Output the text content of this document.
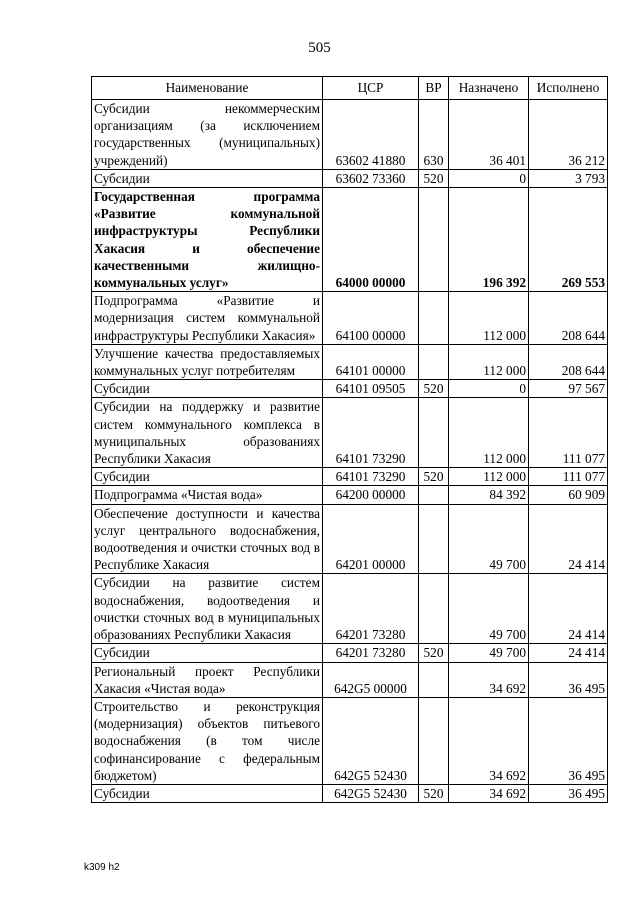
505
Наименование	ЦСР	ВР	Назначено	Исполнено
Субсидии некоммерческим организациям (за исключением государственных (муниципальных) учреждений)	63602 41880	630	36 401	36 212
Субсидии	63602 73360	520	0	3 793
Государственная программа «Развитие коммунальной инфраструктуры Республики Хакасия и обеспечение качественными жилищно-коммунальных услуг»	64000 00000		196 392	269 553
Подпрограмма «Развитие и модернизация систем коммунальной инфраструктуры Республики Хакасия»	64100 00000		112 000	208 644
Улучшение качества предоставляемых коммунальных услуг потребителям	64101 00000		112 000	208 644
Субсидии	64101 09505	520	0	97 567
Субсидии на поддержку и развитие систем коммунального комплекса в муниципальных образованиях Республики Хакасия	64101 73290		112 000	111 077
Субсидии	64101 73290	520	112 000	111 077
Подпрограмма «Чистая вода»	64200 00000		84 392	60 909
Обеспечение доступности и качества услуг центрального водоснабжения, водоотведения и очистки сточных вод в Республике Хакасия	64201 00000		49 700	24 414
Субсидии на развитие систем водоснабжения, водоотведения и очистки сточных вод в муниципальных образованиях Республики Хакасия	64201 73280		49 700	24 414
Субсидии	64201 73280	520	49 700	24 414
Региональный проект Республики Хакасия «Чистая вода»	642G5 00000		34 692	36 495
Строительство и реконструкция (модернизация) объектов питьевого водоснабжения (в том числе софинансирование с федеральным бюджетом)	642G5 52430		34 692	36 495
Субсидии	642G5 52430	520	34 692	36 495
k309 h2
